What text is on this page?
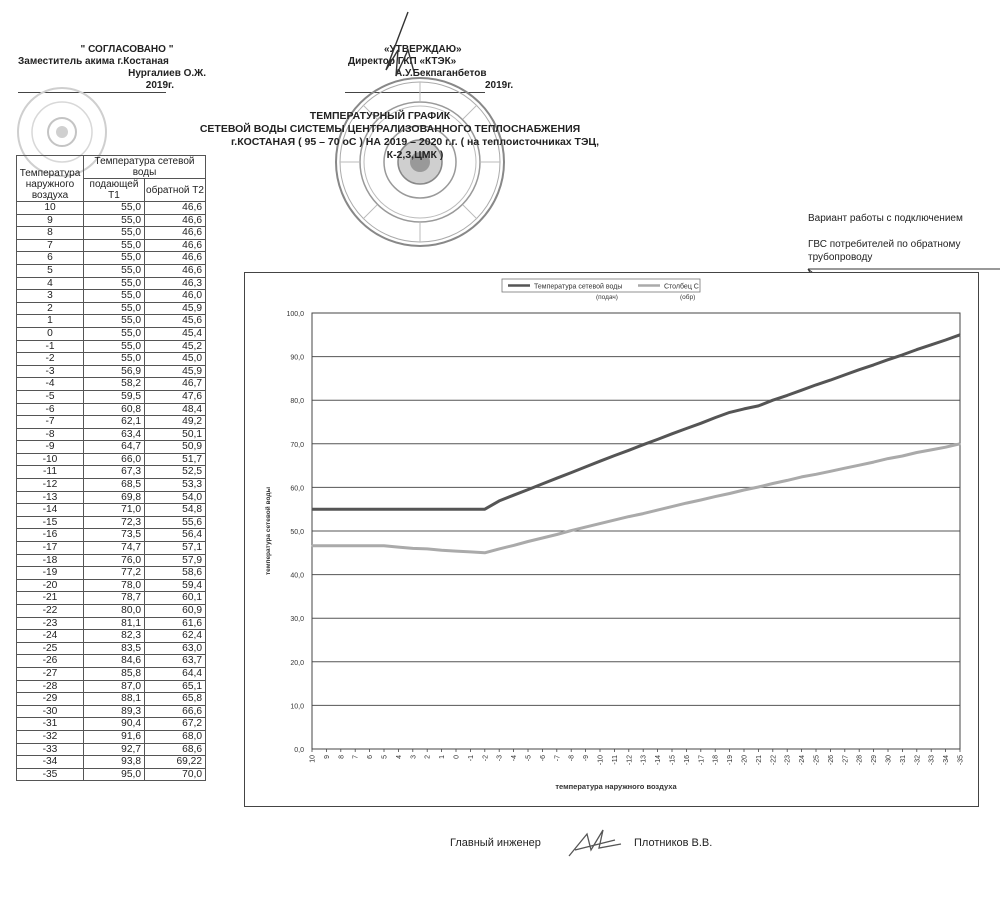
" СОГЛАСОВАНО "
Заместитель акима г.Костаная
Нургалиев О.Ж.
2019г.
«УТВЕРЖДАЮ»
Директор ГКП «КТЭК»
А.У.Бекпаганбетов
2019г.
ТЕМПЕРАТУРНЫЙ ГРАФИК
СЕТЕВОЙ ВОДЫ СИСТЕМЫ ЦЕНТРАЛИЗОВАННОГО ТЕПЛОСНАБЖЕНИЯ
г.КОСТАНАЯ ( 95 – 70 оС ) НА 2019 – 2020 г.г. ( на теплоисточниках ТЭЦ, К-2,3,ЦМК )
Температура наружного воздуха	Температура сетевой воды	
	подающей Т1	обратной Т2
10	55,0	46,6
9	55,0	46,6
8	55,0	46,6
7	55,0	46,6
6	55,0	46,6
5	55,0	46,6
4	55,0	46,3
3	55,0	46,0
2	55,0	45,9
1	55,0	45,6
0	55,0	45,4
-1	55,0	45,2
-2	55,0	45,0
-3	56,9	45,9
-4	58,2	46,7
-5	59,5	47,6
-6	60,8	48,4
-7	62,1	49,2
-8	63,4	50,1
-9	64,7	50,9
-10	66,0	51,7
-11	67,3	52,5
-12	68,5	53,3
-13	69,8	54,0
-14	71,0	54,8
-15	72,3	55,6
-16	73,5	56,4
-17	74,7	57,1
-18	76,0	57,9
-19	77,2	58,6
-20	78,0	59,4
-21	78,7	60,1
-22	80,0	60,9
-23	81,1	61,6
-24	82,3	62,4
-25	83,5	63,0
-26	84,6	63,7
-27	85,8	64,4
-28	87,0	65,1
-29	88,1	65,8
-30	89,3	66,6
-31	90,4	67,2
-32	91,6	68,0
-33	92,7	68,6
-34	93,8	69,22
-35	95,0	70,0
Вариант работы с подключением
ГВС потребителей по обратному
трубопроводу
0,0
10,0
20,0
30,0
40,0
50,0
60,0
70,0
80,0
90,0
100,0
10 9 8 7 6 5 4 3 2 1 0 -1 -2 -3 -4 -5 -6 -7 -8 -9 -10 -11 -12 -13 -14 -15 -16 -17 -18 -19 -20 -21 -22 -23 -24 -25 -26 -27 -28 -29 -30 -31 -32 -33 -34 -35
Температура сетевой воды
(подач)
Столбец С
(обр)
температура сетевой воды
температура наружного воздуха
Главный инженер	Плотников В.В.
